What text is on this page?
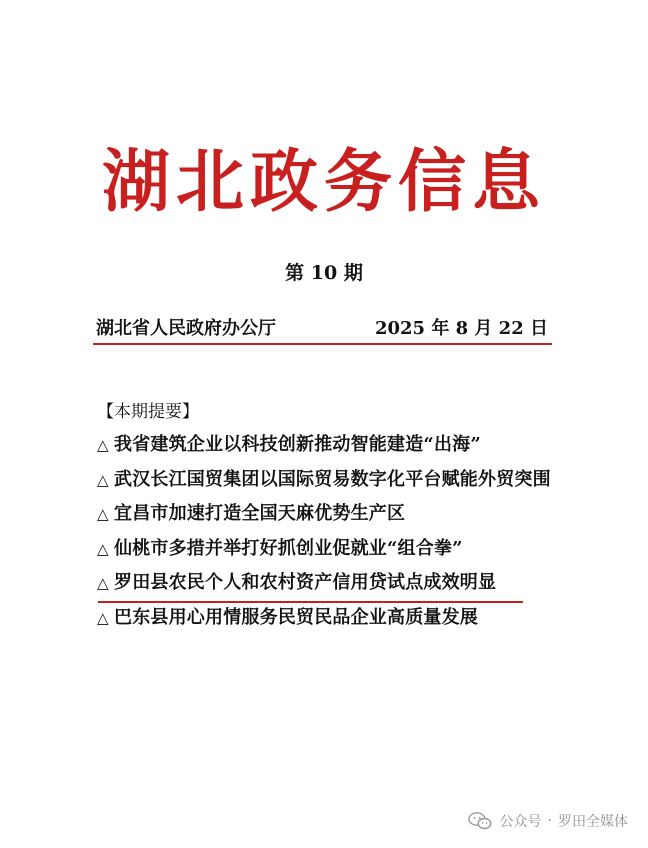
湖北政务信息
第 10 期
湖北省人民政府办公厅	2025 年 8 月 22 日
【本期提要】
△ 我省建筑企业以科技创新推动智能建造“出海”
△ 武汉长江国贸集团以国际贸易数字化平台赋能外贸突围
△ 宜昌市加速打造全国天麻优势生产区
△ 仙桃市多措并举打好抓创业促就业“组合拳”
△ 罗田县农民个人和农村资产信用贷试点成效明显
△ 巴东县用心用情服务民贸民品企业高质量发展
公众号 · 罗田全媒体
